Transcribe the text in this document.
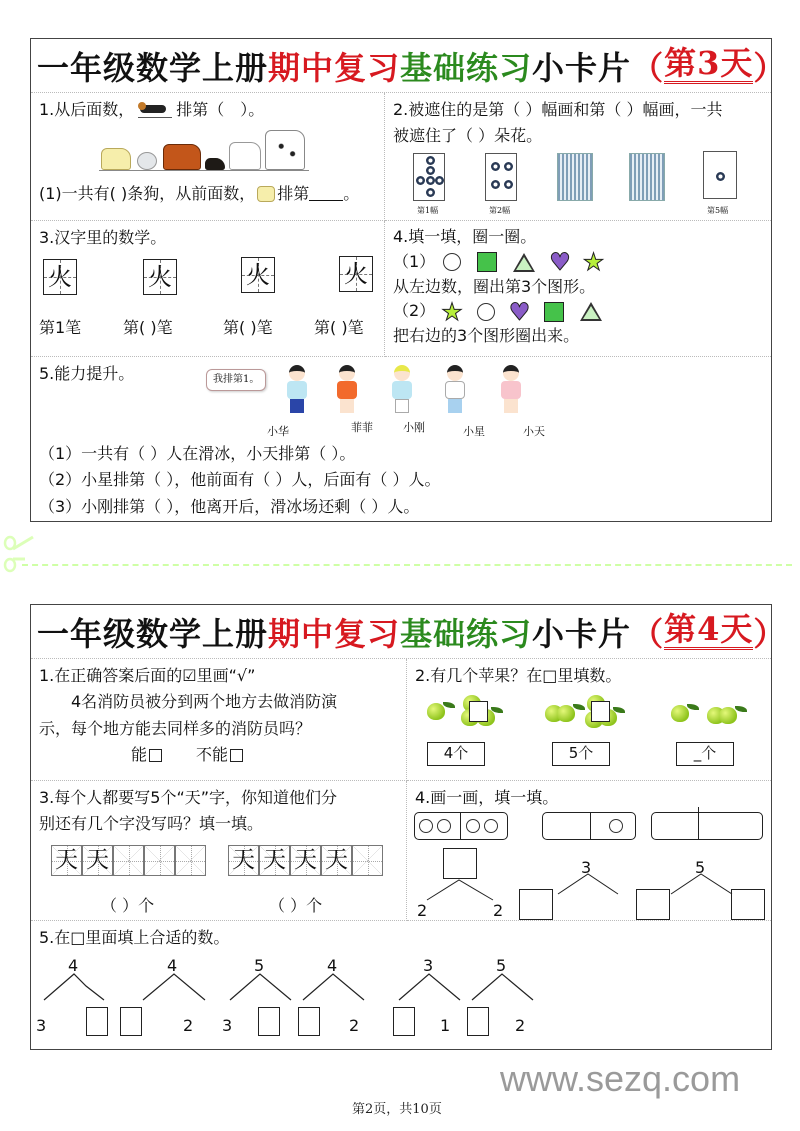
一年级数学上册 期中复习 基础练习 小卡片 （ 第3天 ）
1.从后面数，	排第（　）。
(1)一共有( )条狗，从前面数， 排第 。
2.被遮住的是第（ ）幅画和第（ ）幅画，一共
被遮住了（ ）朵花。
第1幅	第2幅	第5幅
3.汉字里的数学。
火	火	火	火
第1笔	第( )笔	第( )笔	第( )笔
4.填一填，圈一圈。
（1）	♥ ★
从左边数，圈出第3个图形。
（2） ★ ♥
把右边的3个图形圈出来。
5.能力提升。	我排第1。
小华	菲菲	小刚	小星	小天
（1）一共有（ ）人在滑冰，小天排第（ ）。
（2）小星排第（ ），他前面有（ ）人，后面有（ ）人。
（3）小刚排第（ ），他离开后，滑冰场还剩（ ）人。
一年级数学上册 期中复习 基础练习 小卡片 （ 第4天 ）
1.在正确答案后面的☑里画“√”
4名消防员被分到两个地方去做消防演
示，每个地方能去同样多的消防员吗？
能	不能
2.有几个苹果？在□里填数。
4个	5个	_个
3.每个人都要写5个“天”字，你知道他们分
别还有几个字没写吗？填一填。
天 天	天 天 天 天
（ ）个	（ ）个
4.画一画，填一填。
3	5
2	2
5.在□里面填上合适的数。
4	4	5	4	3	5
3	2 3	2	1	2
www.sezq.com
第2页，共10页
